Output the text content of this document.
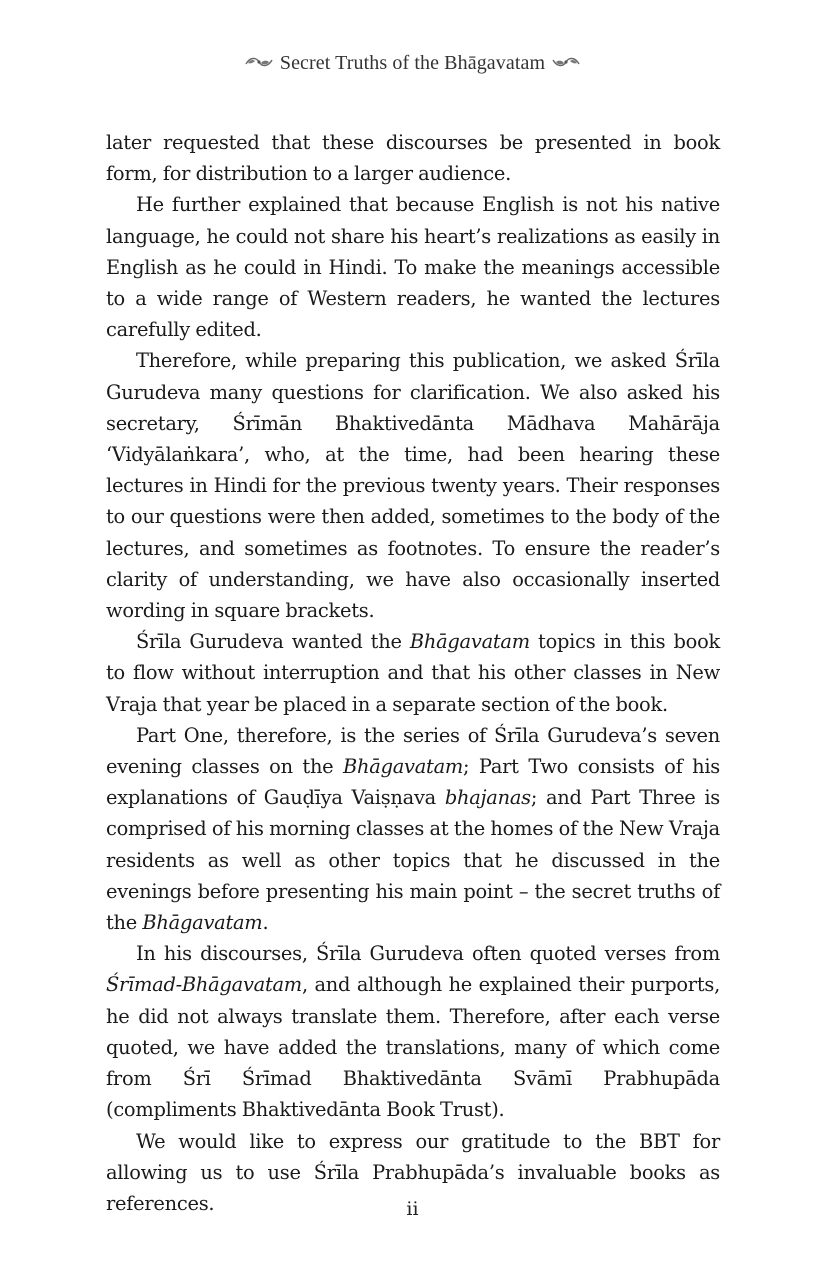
Secret Truths of the Bhāgavatam

later requested that these discourses be presented in book form, for distribution to a larger audience.

He further explained that because English is not his native language, he could not share his heart’s realizations as easily in English as he could in Hindi. To make the meanings accessible to a wide range of Western readers, he wanted the lectures carefully edited.

Therefore, while preparing this publication, we asked Śrīla Gurudeva many questions for clarification. We also asked his secretary, Śrīmān Bhaktivedānta Mādhava Mahārāja ‘Vidyālaṅkara’, who, at the time, had been hearing these lectures in Hindi for the previous twenty years. Their responses to our questions were then added, sometimes to the body of the lectures, and sometimes as footnotes. To ensure the reader’s clarity of understanding, we have also occasionally inserted wording in square brackets.

Śrīla Gurudeva wanted the Bhāgavatam topics in this book to flow without interruption and that his other classes in New Vraja that year be placed in a separate section of the book.

Part One, therefore, is the series of Śrīla Gurudeva’s seven evening classes on the Bhāgavatam; Part Two consists of his explanations of Gauḍīya Vaiṣṇava bhajanas; and Part Three is comprised of his morning classes at the homes of the New Vraja residents as well as other topics that he discussed in the evenings before presenting his main point – the secret truths of the Bhāgavatam.

In his discourses, Śrīla Gurudeva often quoted verses from Śrīmad-Bhāgavatam, and although he explained their purports, he did not always translate them. Therefore, after each verse quoted, we have added the translations, many of which come from Śrī Śrīmad Bhaktivedānta Svāmī Prabhupāda (compliments Bhaktivedānta Book Trust).

We would like to express our gratitude to the BBT for allowing us to use Śrīla Prabhupāda’s invaluable books as references.	ii
